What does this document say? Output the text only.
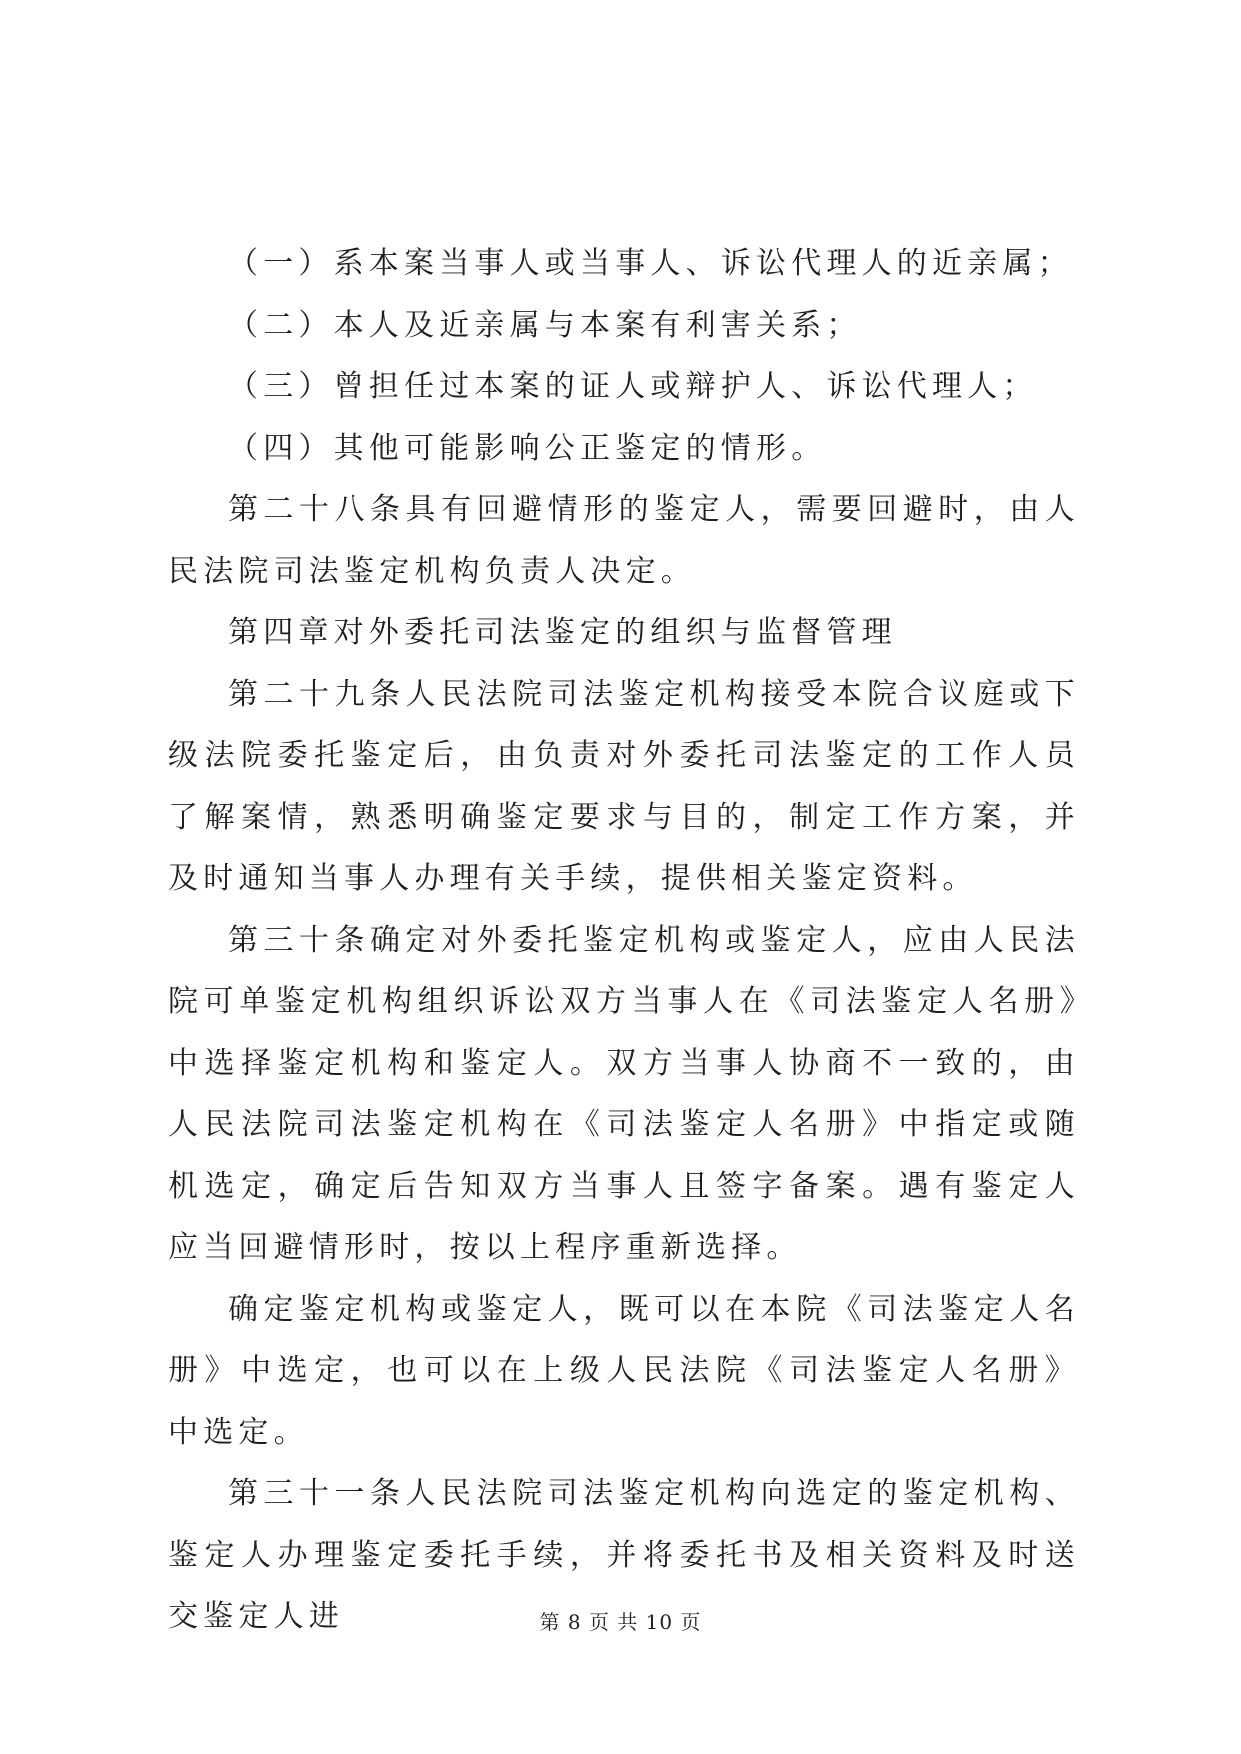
（一）系本案当事人或当事人、诉讼代理人的近亲属；

（二）本人及近亲属与本案有利害关系；

（三）曾担任过本案的证人或辩护人、诉讼代理人；

（四）其他可能影响公正鉴定的情形。

第二十八条具有回避情形的鉴定人，需要回避时，由人民法院司法鉴定机构负责人决定。

第四章对外委托司法鉴定的组织与监督管理

第二十九条人民法院司法鉴定机构接受本院合议庭或下级法院委托鉴定后，由负责对外委托司法鉴定的工作人员了解案情，熟悉明确鉴定要求与目的，制定工作方案，并及时通知当事人办理有关手续，提供相关鉴定资料。

第三十条确定对外委托鉴定机构或鉴定人，应由人民法院可单鉴定机构组织诉讼双方当事人在《司法鉴定人名册》中选择鉴定机构和鉴定人。双方当事人协商不一致的，由人民法院司法鉴定机构在《司法鉴定人名册》中指定或随机选定，确定后告知双方当事人且签字备案。遇有鉴定人应当回避情形时，按以上程序重新选择。

确定鉴定机构或鉴定人，既可以在本院《司法鉴定人名册》中选定，也可以在上级人民法院《司法鉴定人名册》中选定。

第三十一条人民法院司法鉴定机构向选定的鉴定机构、鉴定人办理鉴定委托手续，并将委托书及相关资料及时送交鉴定人进	第 8 页 共 10 页
